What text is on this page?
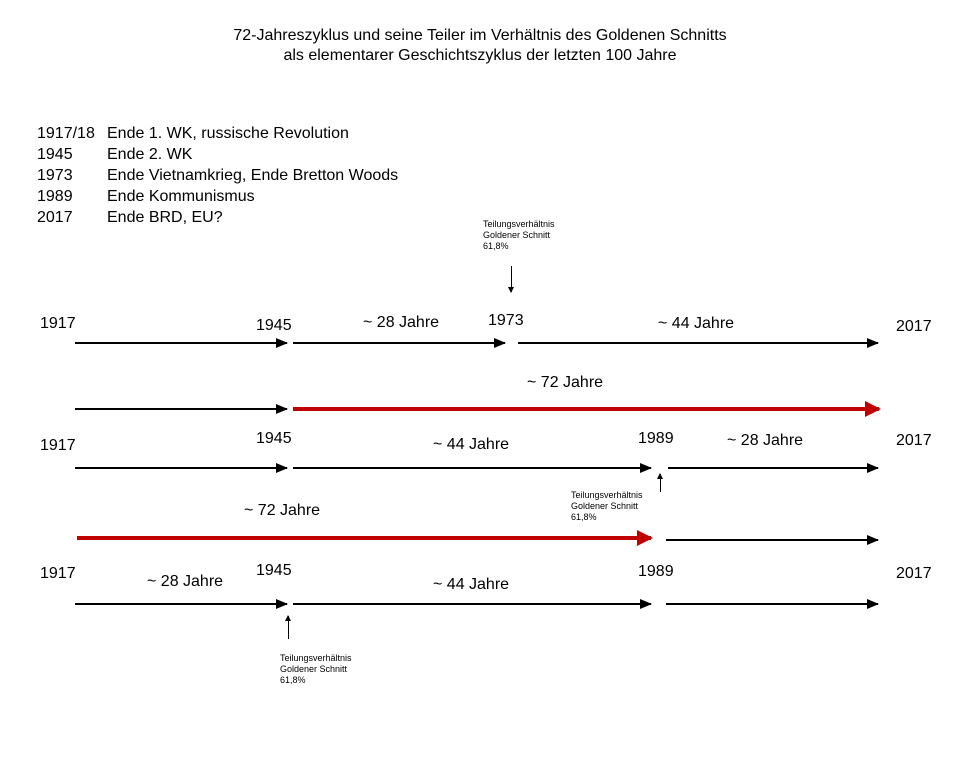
72-Jahreszyklus und seine Teiler im Verhältnis des Goldenen Schnitts
als elementarer Geschichtszyklus der letzten 100 Jahre
1917/18 Ende 1. WK, russische Revolution
1945	Ende 2. WK
1973	Ende Vietnamkrieg, Ende Bretton Woods
1989	Ende Kommunismus
2017	Ende BRD, EU?	Teilungsverhältnis
Goldener Schnitt
61,8%
1917	1945	~ 28 Jahre	1973	~ 44 Jahre	2017
~ 72 Jahre
1917	1945	~ 44 Jahre	1989	~ 28 Jahre	2017
Teilungsverhältnis
Goldener Schnitt
61,8%
~ 72 Jahre
1917	~ 28 Jahre
1945
~ 44 Jahre
1989	2017
Teilungsverhältnis
Goldener Schnitt
61,8%
